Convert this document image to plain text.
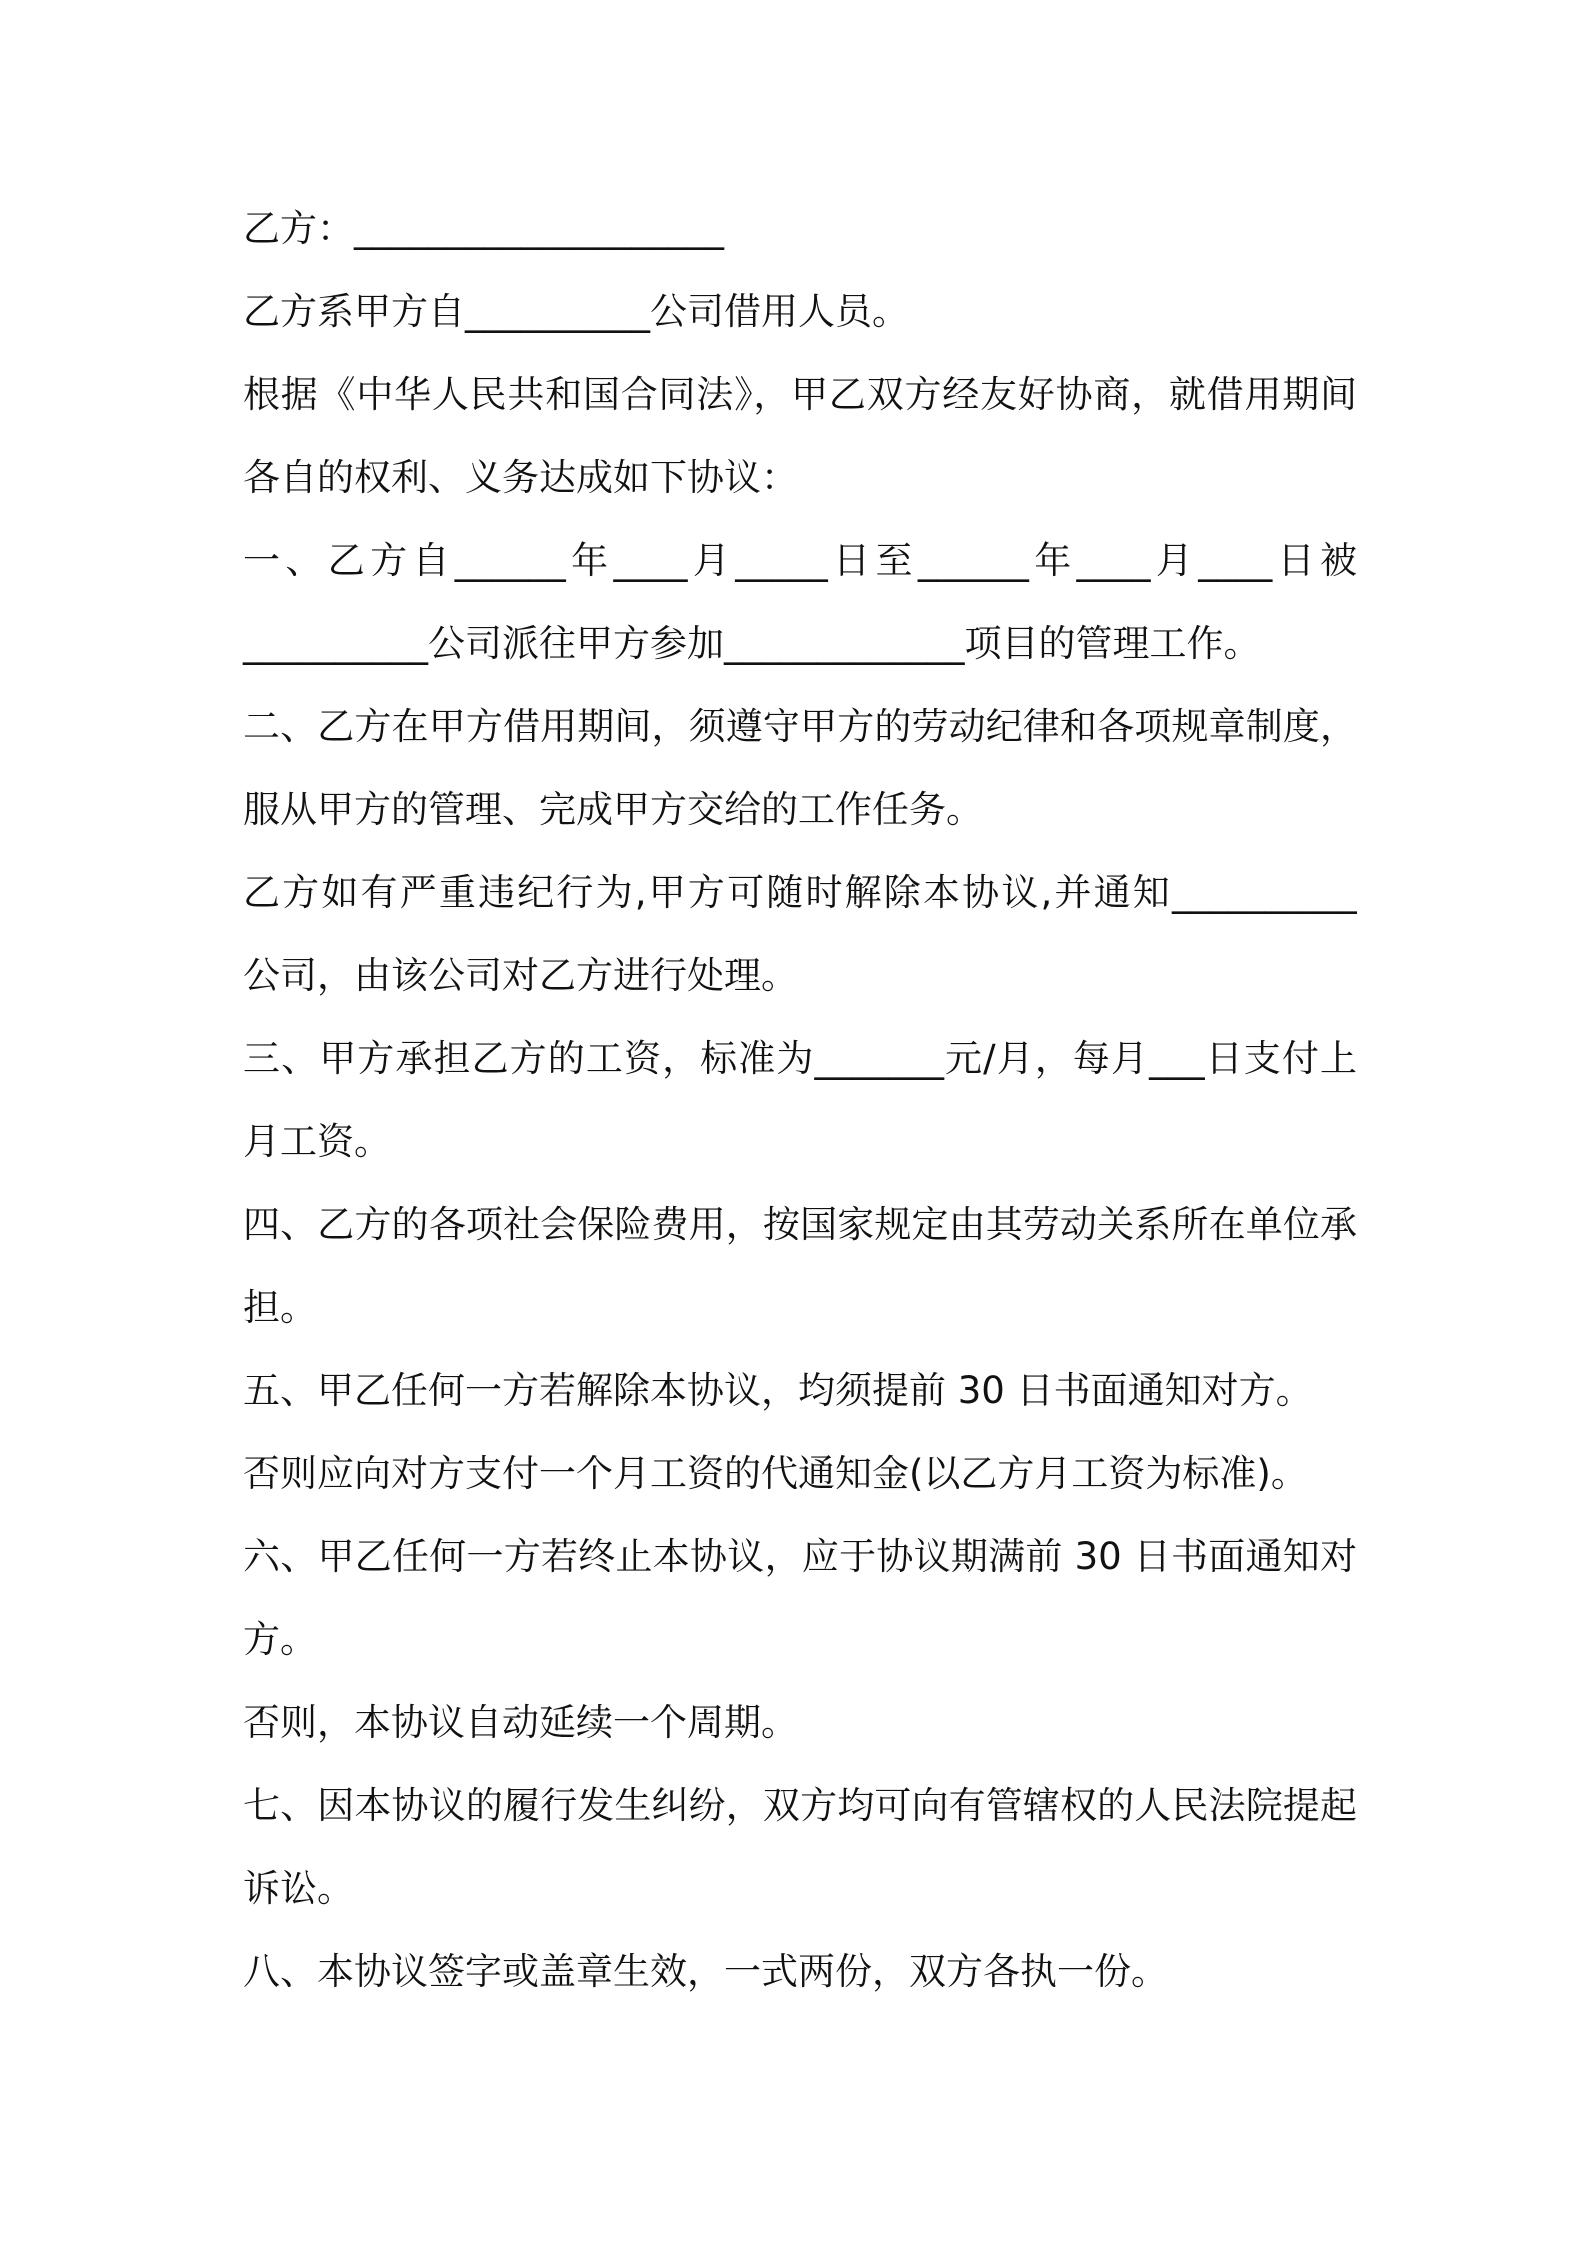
乙方：____________________
乙方系甲方自__________公司借用人员。
根据《中华人民共和国合同法》，甲乙双方经友好协商，就借用期间
各自的权利、义务达成如下协议：
一、乙方自______年____月_____日至______年____月____日被
__________公司派往甲方参加_____________项目的管理工作。
二、乙方在甲方借用期间，须遵守甲方的劳动纪律和各项规章制度，
服从甲方的管理、完成甲方交给的工作任务。
乙方如有严重违纪行为,甲方可随时解除本协议,并通知__________
公司，由该公司对乙方进行处理。
三、甲方承担乙方的工资，标准为_______元/月，每月___日支付上
月工资。
四、乙方的各项社会保险费用，按国家规定由其劳动关系所在单位承
担。
五、甲乙任何一方若解除本协议，均须提前 30 日书面通知对方。
否则应向对方支付一个月工资的代通知金(以乙方月工资为标准)。
六、甲乙任何一方若终止本协议，应于协议期满前 30 日书面通知对
方。
否则，本协议自动延续一个周期。
七、因本协议的履行发生纠纷，双方均可向有管辖权的人民法院提起
诉讼。
八、本协议签字或盖章生效，一式两份，双方各执一份。
